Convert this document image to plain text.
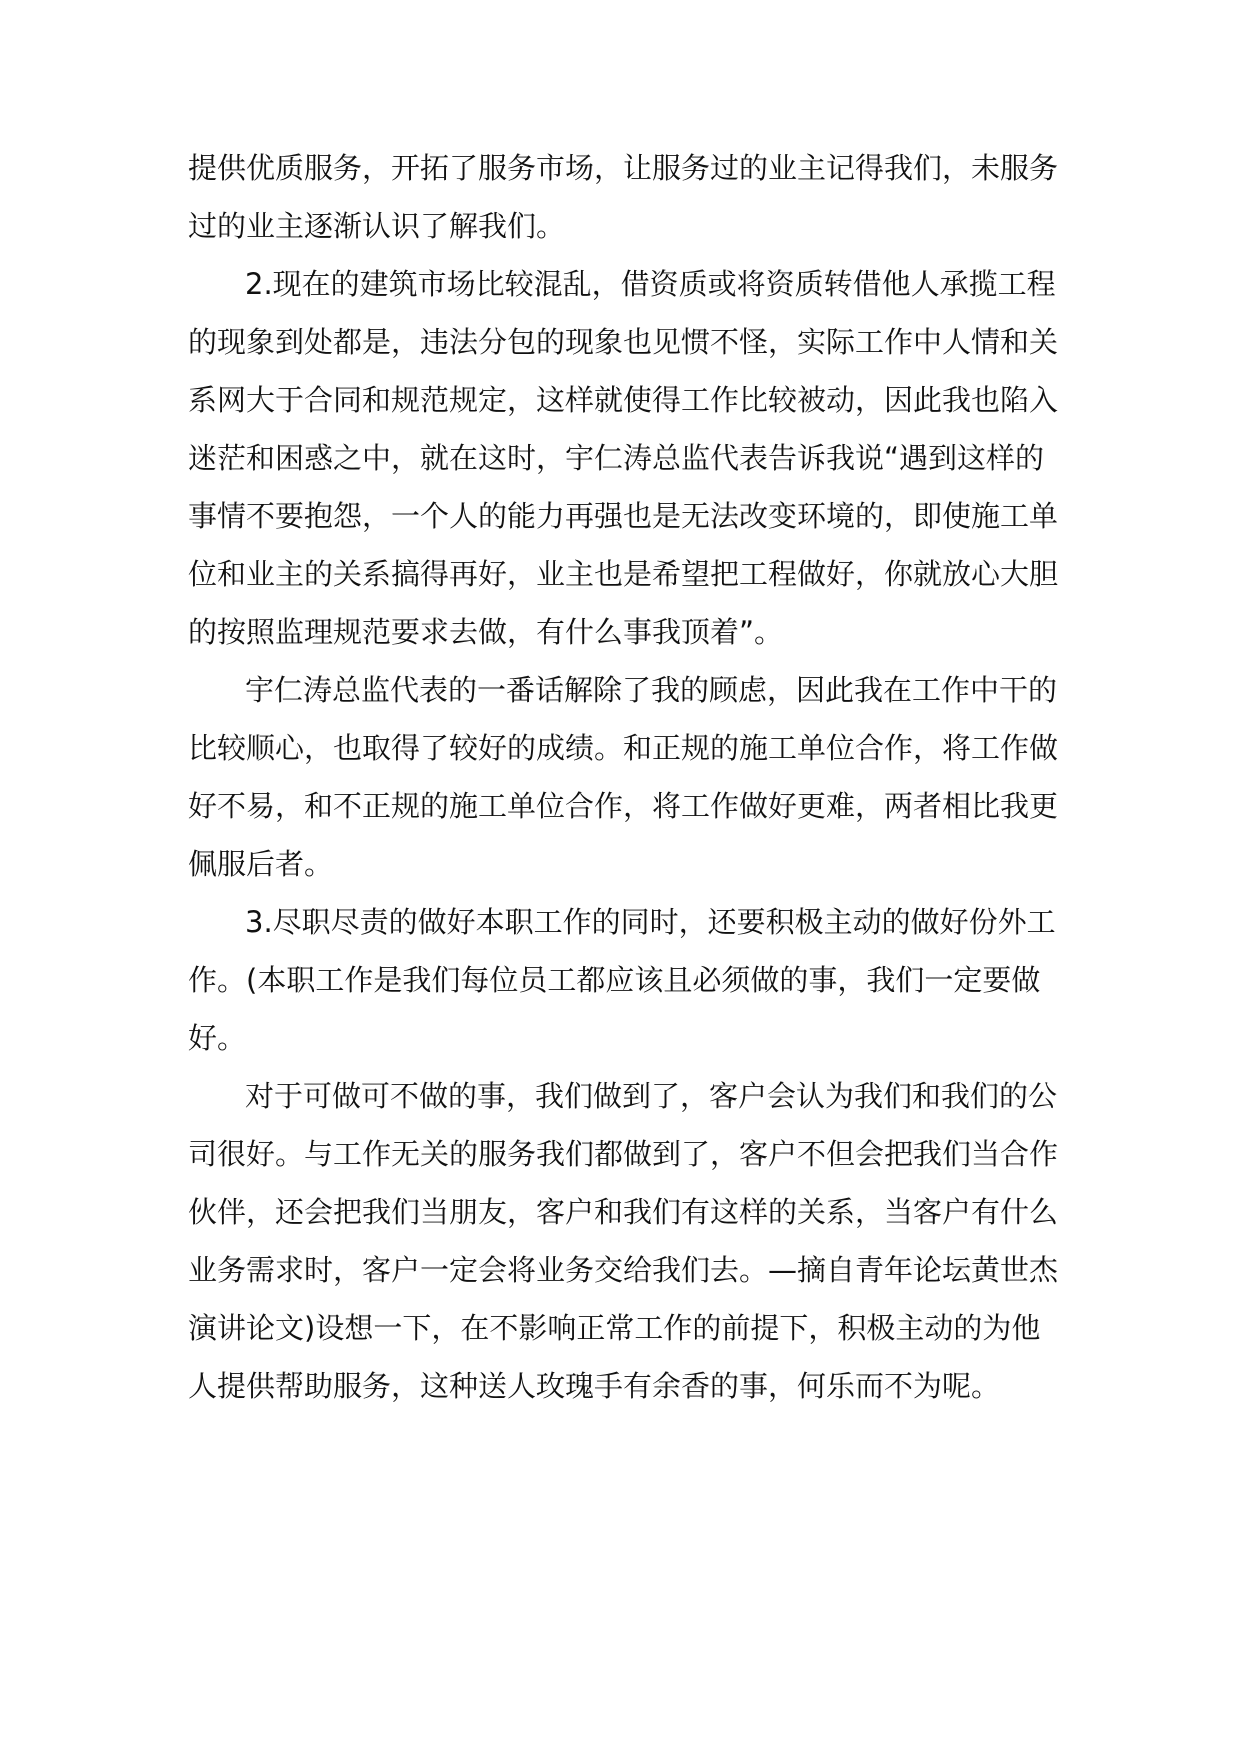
提供优质服务，开拓了服务市场，让服务过的业主记得我们，未服务
过的业主逐渐认识了解我们。
2.现在的建筑市场比较混乱，借资质或将资质转借他人承揽工程
的现象到处都是，违法分包的现象也见惯不怪，实际工作中人情和关
系网大于合同和规范规定，这样就使得工作比较被动，因此我也陷入
迷茫和困惑之中，就在这时，宇仁涛总监代表告诉我说“遇到这样的
事情不要抱怨，一个人的能力再强也是无法改变环境的，即使施工单
位和业主的关系搞得再好，业主也是希望把工程做好，你就放心大胆
的按照监理规范要求去做，有什么事我顶着”。
宇仁涛总监代表的一番话解除了我的顾虑，因此我在工作中干的
比较顺心，也取得了较好的成绩。和正规的施工单位合作，将工作做
好不易，和不正规的施工单位合作，将工作做好更难，两者相比我更
佩服后者。
3.尽职尽责的做好本职工作的同时，还要积极主动的做好份外工
作。(本职工作是我们每位员工都应该且必须做的事，我们一定要做
好。
对于可做可不做的事，我们做到了，客户会认为我们和我们的公
司很好。与工作无关的服务我们都做到了，客户不但会把我们当合作
伙伴，还会把我们当朋友，客户和我们有这样的关系，当客户有什么
业务需求时，客户一定会将业务交给我们去。—摘自青年论坛黄世杰
演讲论文)设想一下，在不影响正常工作的前提下，积极主动的为他
人提供帮助服务，这种送人玫瑰手有余香的事，何乐而不为呢。
